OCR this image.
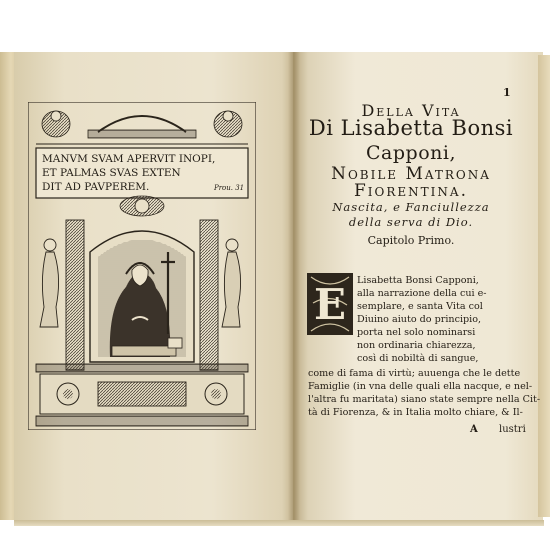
MANVM SVAM APERVIT INOPI,
ET PALMAS SVAS EXTEN
DIT AD PAVPEREM.	Prou. 31
1
Della Vita
Di Lisabetta Bonsi
Capponi,
Nobile Matrona
Fiorentina.
Nascita, e Fanciullezza
della serva di Dio.
Capitolo Primo.
E Lisabetta Bonsi Capponi,
alla narrazione della cui e-
semplare, e santa Vita col
Diuino aiuto do principio,
porta nel solo nominarsi
non ordinaria chiarezza,
così di nobiltà di sangue,
come di fama di virtù; auuenga che le dette
Famiglie (in vna delle quali ella nacque, e nel-
l'altra fu maritata) siano state sempre nella Cit-
tà di Fiorenza, & in Italia molto chiare, & Il-
A lustri
